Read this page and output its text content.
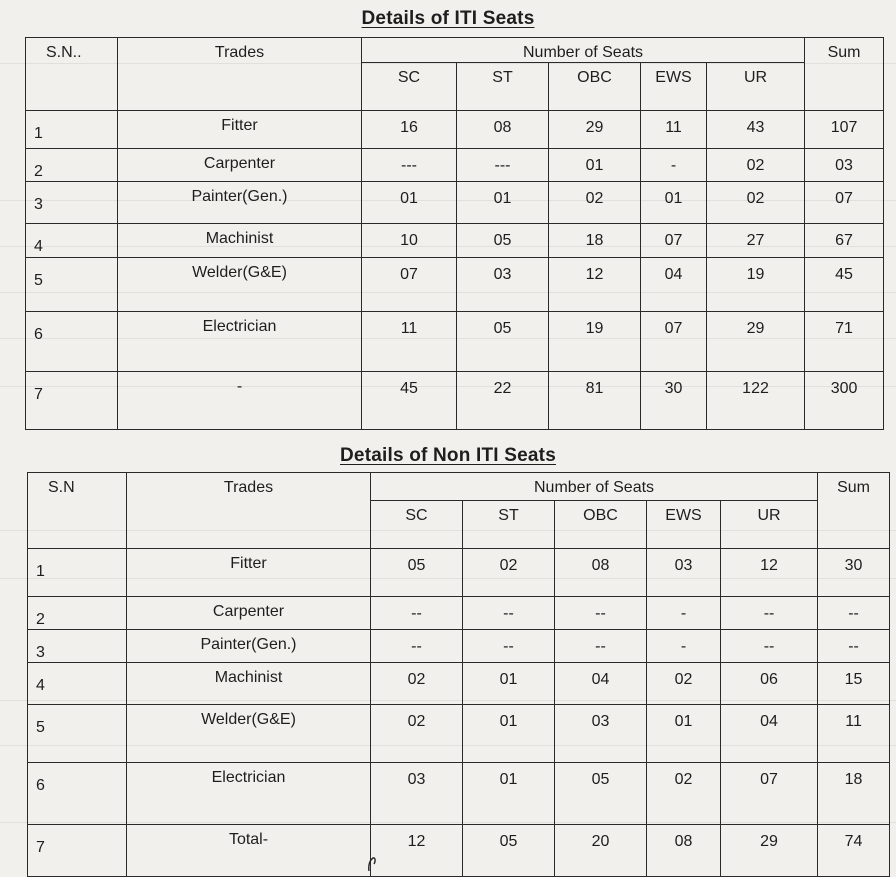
Details of ITI Seats
S.N..	Trades	Number of Seats					Sum
		SC	ST	OBC	EWS	UR	
1	Fitter	16	08	29	11	43	107
2	Carpenter	---	---	01	-	02	03
3	Painter(Gen.)	01	01	02	01	02	07
4	Machinist	10	05	18	07	27	67
5	Welder(G&E)	07	03	12	04	19	45
6	Electrician	11	05	19	07	29	71
7	-	45	22	81	30	122	300
Details of Non ITI Seats
S.N	Trades	Number of Seats					Sum
		SC	ST	OBC	EWS	UR	
1	Fitter	05	02	08	03	12	30
2	Carpenter	--	--	--	-	--	--
3	Painter(Gen.)	--	--	--	-	--	--
4	Machinist	02	01	04	02	06	15
5	Welder(G&E)	02	01	03	01	04	11
6	Electrician	03	01	05	02	07	18
7	Total-	12	05	20	08	29	74
